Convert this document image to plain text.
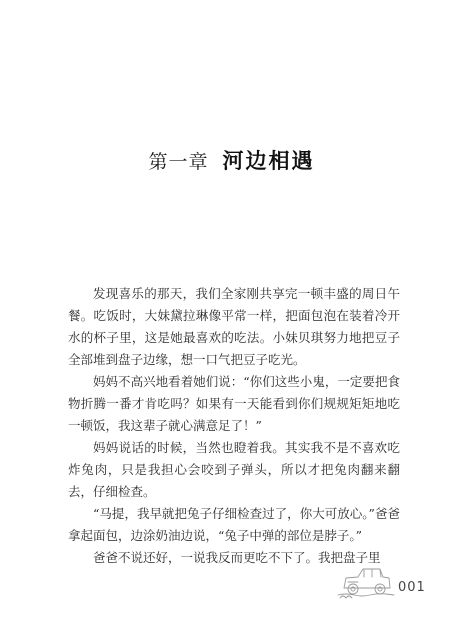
第一章 河边相遇

发现喜乐的那天，我们全家刚共享完一顿丰盛的周日午餐。吃饭时，大妹黛拉琳像平常一样，把面包泡在装着冷开水的杯子里，这是她最喜欢的吃法。小妹贝琪努力地把豆子全部堆到盘子边缘，想一口气把豆子吃光。

妈妈不高兴地看着她们说：“你们这些小鬼，一定要把食物折腾一番才肯吃吗？如果有一天能看到你们规规矩矩地吃一顿饭，我这辈子就心满意足了！”

妈妈说话的时候，当然也瞪着我。其实我不是不喜欢吃炸兔肉，只是我担心会咬到子弹头，所以才把兔肉翻来翻去，仔细检查。

“马提，我早就把兔子仔细检查过了，你大可放心。”爸爸拿起面包，边涂奶油边说，“兔子中弹的部位是脖子。”

爸爸不说还好，一说我反而更吃不下了。我把盘子里

001
